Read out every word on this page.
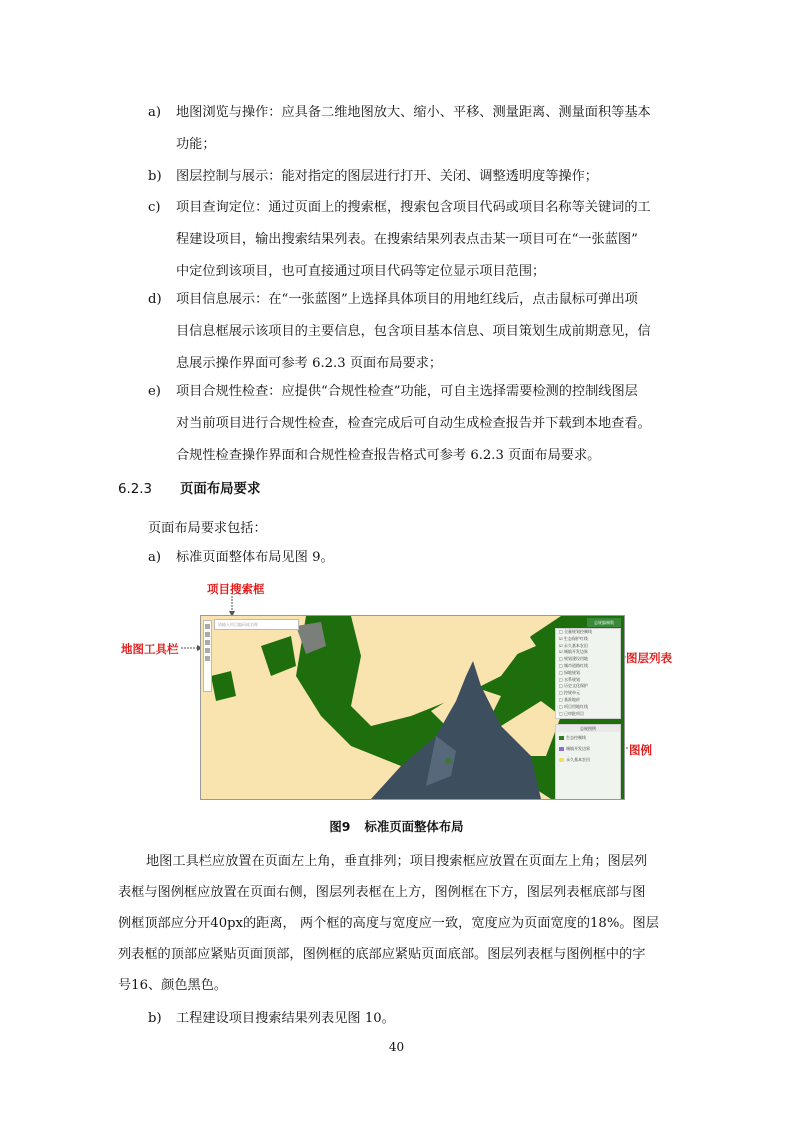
a) 地图浏览与操作：应具备二维地图放大、缩小、平移、测量距离、测量面积等基本
功能；
b) 图层控制与展示：能对指定的图层进行打开、关闭、调整透明度等操作；
c) 项目查询定位：通过页面上的搜索框，搜索包含项目代码或项目名称等关键词的工
程建设项目，输出搜索结果列表。在搜索结果列表点击某一项目可在“一张蓝图”
中定位到该项目，也可直接通过项目代码等定位显示项目范围；
d) 项目信息展示：在“一张蓝图”上选择具体项目的用地红线后，点击鼠标可弹出项
目信息框展示该项目的主要信息，包含项目基本信息、项目策划生成前期意见，信
息展示操作界面可参考 6.2.3 页面布局要求；
e) 项目合规性检查：应提供“合规性检查”功能，可自主选择需要检测的控制线图层
对当前项目进行合规性检查，检查完成后可自动生成检查报告并下载到本地查看。
合规性检查操作界面和合规性检查报告格式可参考 6.2.3 页面布局要求。
6.2.3 页面布局要求
页面布局要求包括：
a) 标准页面整体布局见图 9。
项目搜索框
地图工具栏
图层列表
图例
请输入项目编码或名称	总规编制数
□ 全量规划控制线
☑ 生态保护红线
☑ 永久基本农田
☑ 城镇开发边界
□ 规划建设用地
□ 城市道路红线
□ 绿地规划
□ 水系规划
□ 历史文化保护
□ 控规单元
□ 基准地价
□ 项目用地红线
□ 已审批项目
总规图例
生态控制线
城镇开发边界
永久基本农田
图9 标准页面整体布局
地图工具栏应放置在页面左上角，垂直排列；项目搜索框应放置在页面左上角；图层列
表框与图例框应放置在页面右侧，图层列表框在上方，图例框在下方，图层列表框底部与图
例框顶部应分开40px的距离， 两个框的高度与宽度应一致，宽度应为页面宽度的18%。图层
列表框的顶部应紧贴页面顶部，图例框的底部应紧贴页面底部。图层列表框与图例框中的字
号16、颜色黑色。
b) 工程建设项目搜索结果列表见图 10。
40
